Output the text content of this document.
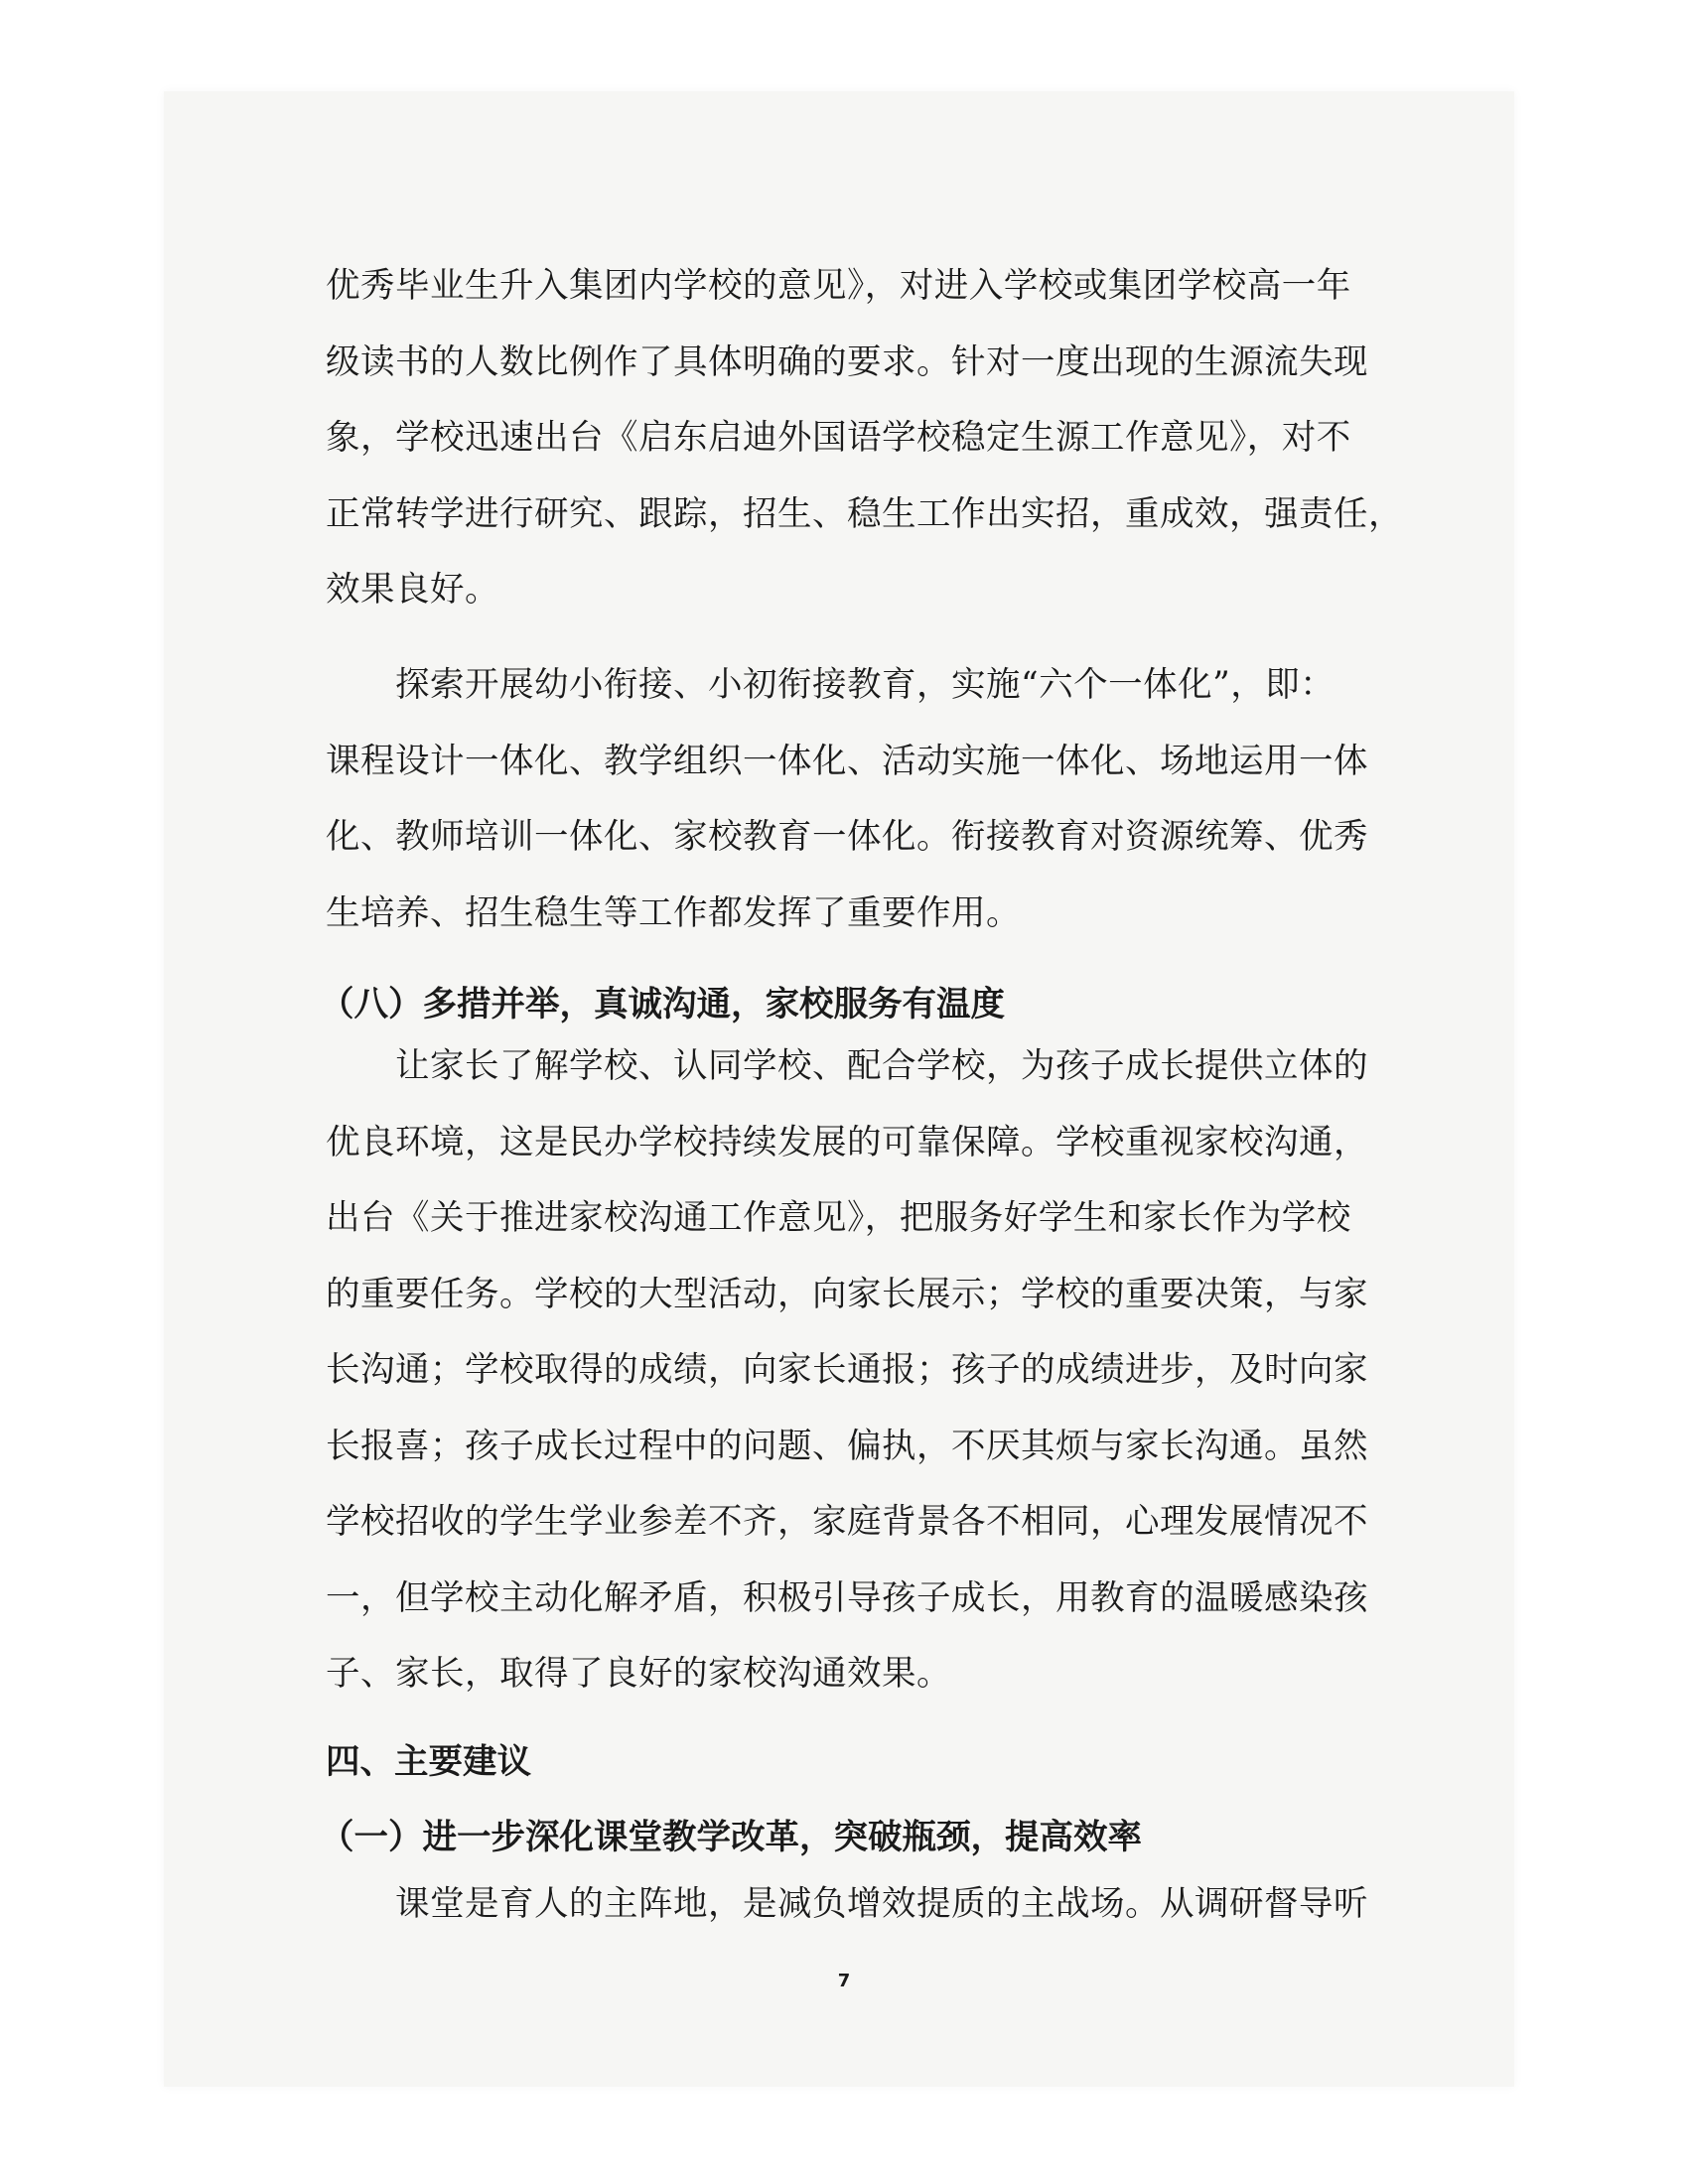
优秀毕业生升入集团内学校的意见》，对进入学校或集团学校高一年
级读书的人数比例作了具体明确的要求。针对一度出现的生源流失现
象，学校迅速出台《启东启迪外国语学校稳定生源工作意见》，对不
正常转学进行研究、跟踪，招生、稳生工作出实招，重成效，强责任，
效果良好。
　　探索开展幼小衔接、小初衔接教育，实施“六个一体化”，即：
课程设计一体化、教学组织一体化、活动实施一体化、场地运用一体
化、教师培训一体化、家校教育一体化。衔接教育对资源统筹、优秀
生培养、招生稳生等工作都发挥了重要作用。
（八）多措并举，真诚沟通，家校服务有温度
　　让家长了解学校、认同学校、配合学校，为孩子成长提供立体的
优良环境，这是民办学校持续发展的可靠保障。学校重视家校沟通，
出台《关于推进家校沟通工作意见》，把服务好学生和家长作为学校
的重要任务。学校的大型活动，向家长展示；学校的重要决策，与家
长沟通；学校取得的成绩，向家长通报；孩子的成绩进步，及时向家
长报喜；孩子成长过程中的问题、偏执，不厌其烦与家长沟通。虽然
学校招收的学生学业参差不齐，家庭背景各不相同，心理发展情况不
一，但学校主动化解矛盾，积极引导孩子成长，用教育的温暖感染孩
子、家长，取得了良好的家校沟通效果。
四、主要建议
（一）进一步深化课堂教学改革，突破瓶颈，提高效率
　　课堂是育人的主阵地，是减负增效提质的主战场。从调研督导听
7
